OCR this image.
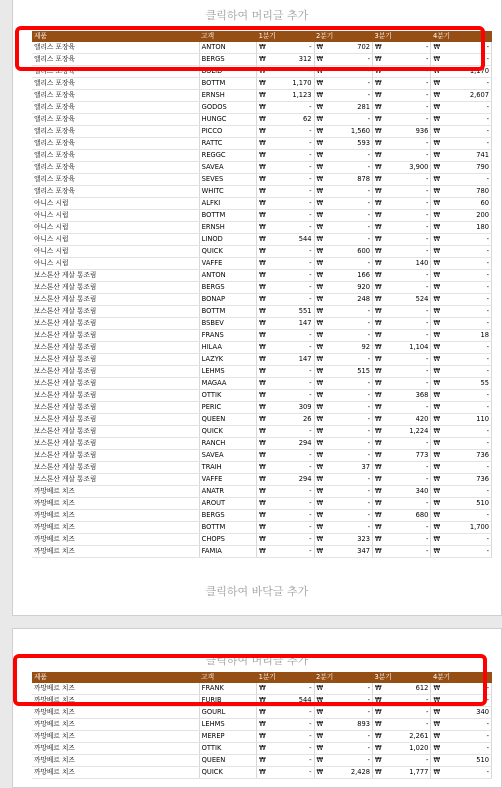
클릭하여 머리글 추가
제품	고객	1분기		2분기		3분기		4분기	
앨리스 포장육	ANTON	₩	-	₩	702	₩	-	₩	-
앨리스 포장육	BERGS	₩	312	₩	-	₩	-	₩	-
앨리스 포장육	BOLID	₩	-	₩	-	₩	-	₩	1,170
앨리스 포장육	BOTTM	₩	1,170	₩	-	₩	-	₩	-
앨리스 포장육	ERNSH	₩	1,123	₩	-	₩	-	₩	2,607
앨리스 포장육	GODOS	₩	-	₩	281	₩	-	₩	-
앨리스 포장육	HUNGC	₩	62	₩	-	₩	-	₩	-
앨리스 포장육	PICCO	₩	-	₩	1,560	₩	936	₩	-
앨리스 포장육	RATTC	₩	-	₩	593	₩	-	₩	-
앨리스 포장육	REGGC	₩	-	₩	-	₩	-	₩	741
앨리스 포장육	SAVEA	₩	-	₩	-	₩	3,900	₩	790
앨리스 포장육	SEVES	₩	-	₩	878	₩	-	₩	-
앨리스 포장육	WHITC	₩	-	₩	-	₩	-	₩	780
아니스 시럽	ALFKI	₩	-	₩	-	₩	-	₩	60
아니스 시럽	BOTTM	₩	-	₩	-	₩	-	₩	200
아니스 시럽	ERNSH	₩	-	₩	-	₩	-	₩	180
아니스 시럽	LINOD	₩	544	₩	-	₩	-	₩	-
아니스 시럽	QUICK	₩	-	₩	600	₩	-	₩	-
아니스 시럽	VAFFE	₩	-	₩	-	₩	140	₩	-
보스톤산 게살 통조림	ANTON	₩	-	₩	166	₩	-	₩	-
보스톤산 게살 통조림	BERGS	₩	-	₩	920	₩	-	₩	-
보스톤산 게살 통조림	BONAP	₩	-	₩	248	₩	524	₩	-
보스톤산 게살 통조림	BOTTM	₩	551	₩	-	₩	-	₩	-
보스톤산 게살 통조림	BSBEV	₩	147	₩	-	₩	-	₩	-
보스톤산 게살 통조림	FRANS	₩	-	₩	-	₩	-	₩	18
보스톤산 게살 통조림	HILAA	₩	-	₩	92	₩	1,104	₩	-
보스톤산 게살 통조림	LAZYK	₩	147	₩	-	₩	-	₩	-
보스톤산 게살 통조림	LEHMS	₩	-	₩	515	₩	-	₩	-
보스톤산 게살 통조림	MAGAA	₩	-	₩	-	₩	-	₩	55
보스톤산 게살 통조림	OTTIK	₩	-	₩	-	₩	368	₩	-
보스톤산 게살 통조림	PERIC	₩	309	₩	-	₩	-	₩	-
보스톤산 게살 통조림	QUEEN	₩	26	₩	-	₩	420	₩	110
보스톤산 게살 통조림	QUICK	₩	-	₩	-	₩	1,224	₩	-
보스톤산 게살 통조림	RANCH	₩	294	₩	-	₩	-	₩	-
보스톤산 게살 통조림	SAVEA	₩	-	₩	-	₩	773	₩	736
보스톤산 게살 통조림	TRAIH	₩	-	₩	37	₩	-	₩	-
보스톤산 게살 통조림	VAFFE	₩	294	₩	-	₩	-	₩	736
까망베르 치즈	ANATR	₩	-	₩	-	₩	340	₩	-
까망베르 치즈	AROUT	₩	-	₩	-	₩	-	₩	510
까망베르 치즈	BERGS	₩	-	₩	-	₩	680	₩	-
까망베르 치즈	BOTTM	₩	-	₩	-	₩	-	₩	1,700
까망베르 치즈	CHOPS	₩	-	₩	323	₩	-	₩	-
까망베르 치즈	FAMIA	₩	-	₩	347	₩	-	₩	-
클릭하여 바닥글 추가
클릭하여 머리글 추가
제품	고객	1분기		2분기		3분기		4분기	
까망베르 치즈	FRANK	₩	-	₩	-	₩	612	₩	-
까망베르 치즈	FURIB	₩	544	₩	-	₩	-	₩	-
까망베르 치즈	GOURL	₩	-	₩	-	₩	-	₩	340
까망베르 치즈	LEHMS	₩	-	₩	893	₩	-	₩	-
까망베르 치즈	MEREP	₩	-	₩	-	₩	2,261	₩	-
까망베르 치즈	OTTIK	₩	-	₩	-	₩	1,020	₩	-
까망베르 치즈	QUEEN	₩	-	₩	-	₩	-	₩	510
까망베르 치즈	QUICK	₩	-	₩	2,428	₩	1,777	₩	-
